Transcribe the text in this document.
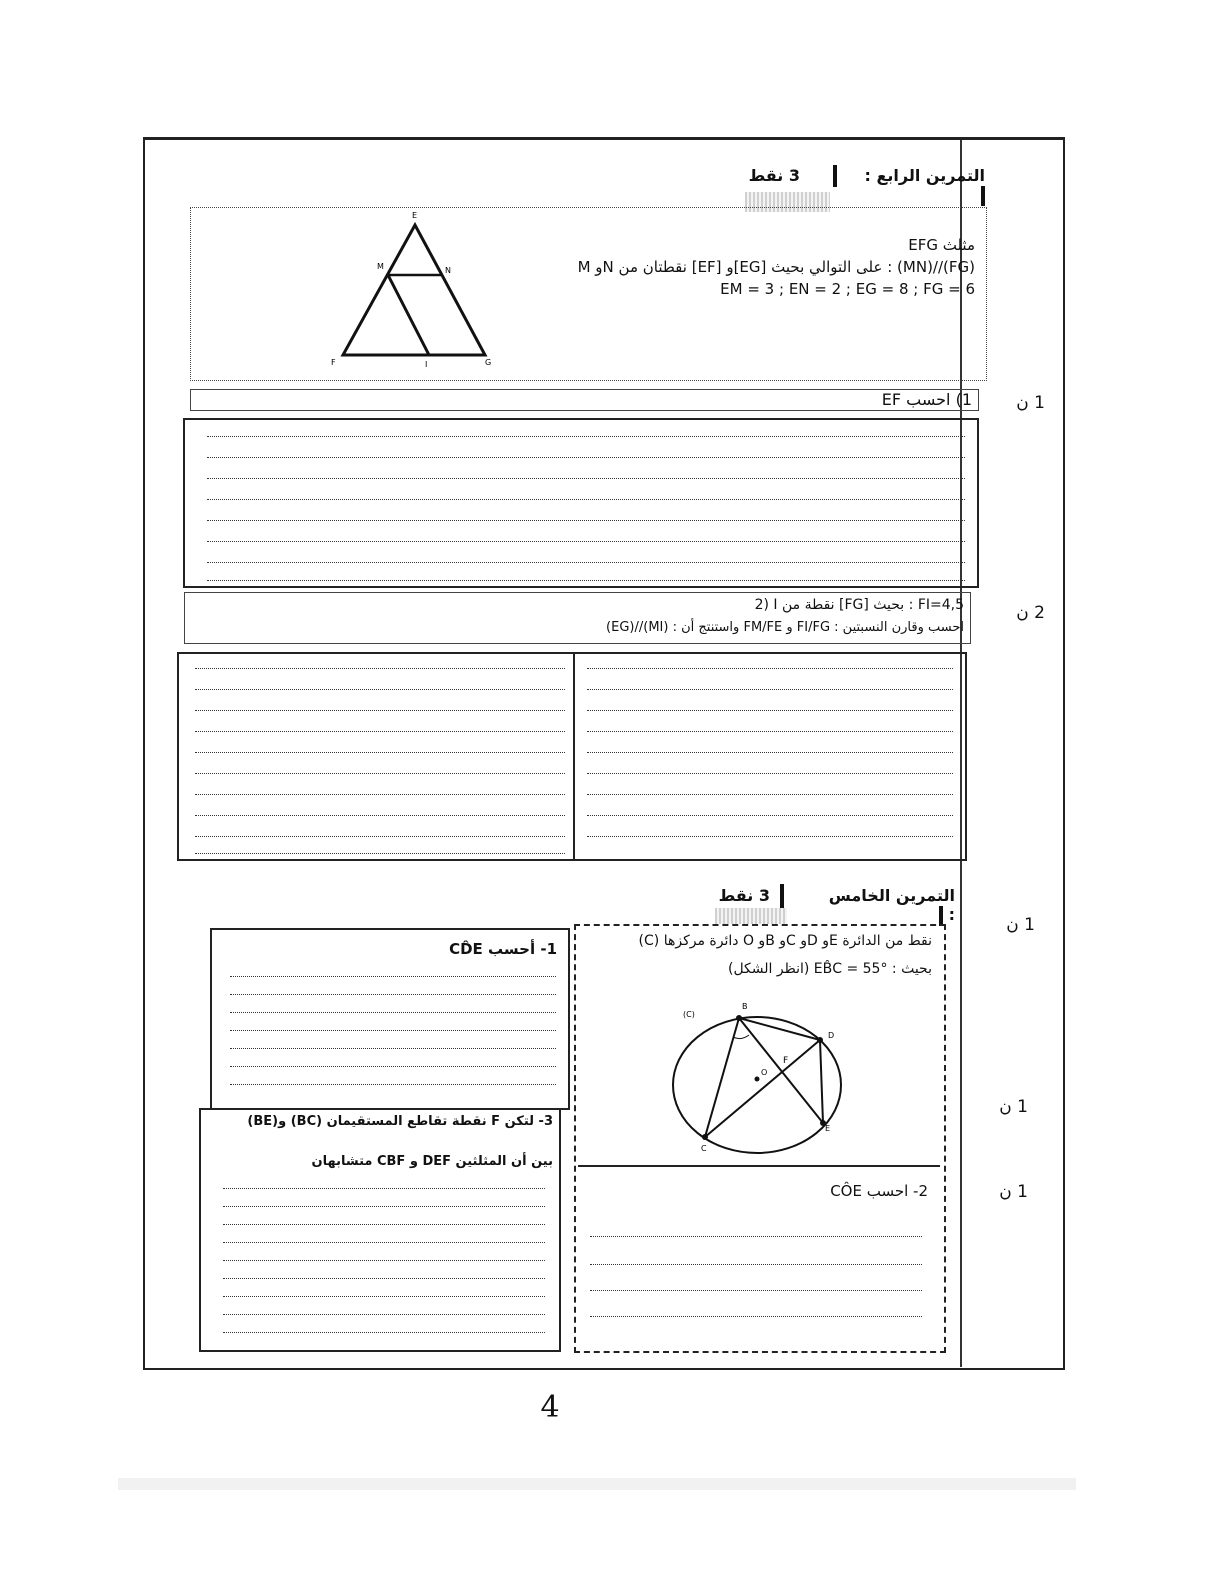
التمرين الرابع :
3 نقط
EFG مثلث
M وN نقطتان من [EF] و[EG] على التوالي بحيث : (MN)//(FG)
EM = 3 ; EN = 2 ; EG = 8 ; FG = 6
E
M	N
F	I	G
1) احسب EF	1 ن
2) I نقطة من [FG] بحيث : FI=4,5
احسب وقارن النسبتين : FI/FG و FM/FE واستنتج أن : (MI)//(EG)
2 ن
التمرين الخامس :
3 نقط
1 ن
1 ن
1 ن
(C) دائرة مركزها O وB وC وD وE نقط من الدائرة
بحيث : EB̂C = 55° (انظر الشكل)
(C)
B
D
F
O
E
C
2- احسب CÔE
1- أحسب CD̂E
3- لتكن F نقطة تقاطع المستقيمان (BC) و(BE)
بين أن المثلثين DEF و CBF متشابهان
4
